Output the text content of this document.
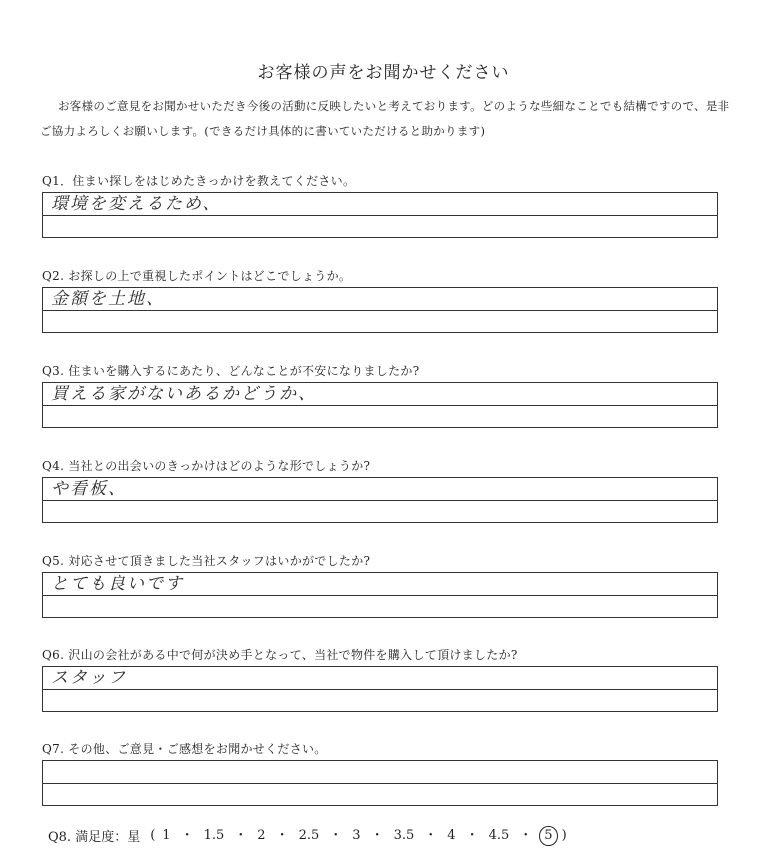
お客様の声をお聞かせください
お客様のご意見をお聞かせいただき今後の活動に反映したいと考えております。どのような些細なことでも結構ですので、是非ご協力よろしくお願いします。(できるだけ具体的に書いていただけると助かります)
Q1．住まい探しをはじめたきっかけを教えてください。
環境を変えるため、
Q2. お探しの上で重視したポイントはどこでしょうか。
金額を土地、
Q3. 住まいを購入するにあたり、どんなことが不安になりましたか?
買える家がないあるかどうか、
Q4. 当社との出会いのきっかけはどのような形でしょうか?
や看板、
Q5. 対応させて頂きました当社スタッフはいかがでしたか?
とても良いです
Q6. 沢山の会社がある中で何が決め手となって、当社で物件を購入して頂けましたか?
スタッフ
Q7. その他、ご意見・ご感想をお聞かせください。
Q8. 満足度：星 ( 1 ・ 1.5 ・ 2 ・ 2.5 ・ 3 ・ 3.5 ・ 4 ・ 4.5 ・ 5 )
